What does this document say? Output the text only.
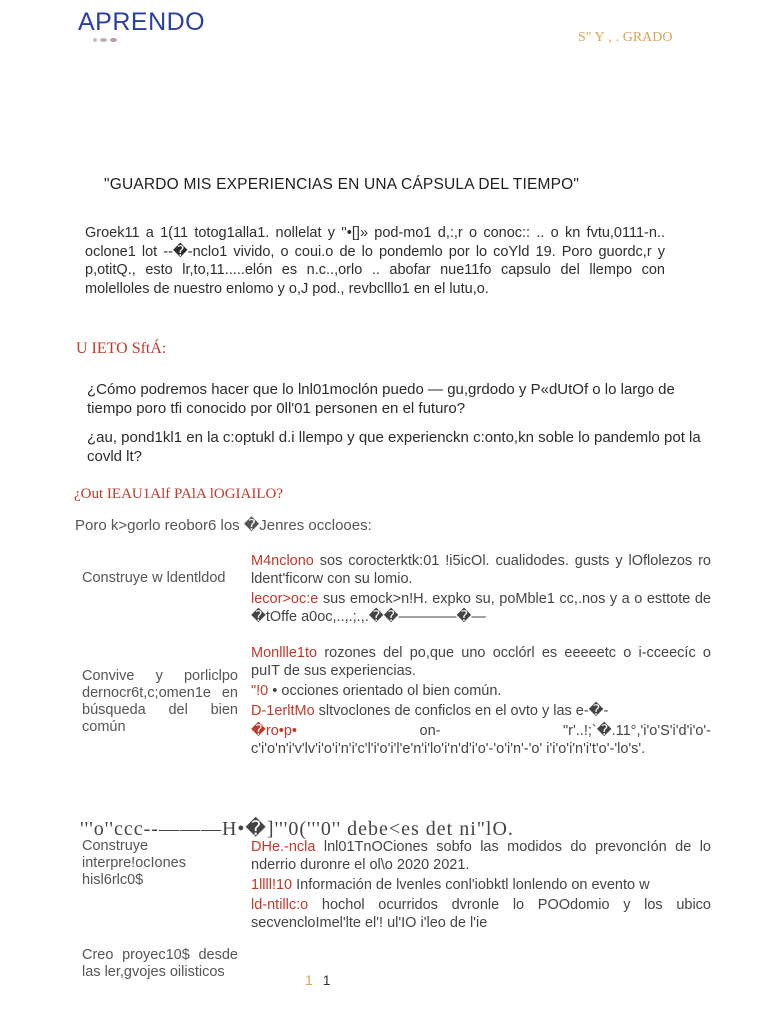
APRENDO
S" Y ‚ . GRADO
"GUARDO MIS EXPERIENCIAS EN UNA CÁPSULA DEL TIEMPO"
Groek11 a 1(11 totog1alla1. nollelat y ''•[]» pod-mo1 d,:,r o conoc:: .. o kn fvtu,0111-n.. oclone1 lot --�-nclo1 vivido, o coui.o de lo pondemlo por lo coYld 19. Poro guordc,r y p,otitQ., esto lr,to,11.....elón es n.c..,orlo .. abofar nue11fo capsulo del llempo con molelloles de nuestro enlomo y o,J pod., revbclllo1 en el lutu,o.
U IETO SftÁ:
¿Cómo podremos hacer que lo lnl01moclón puedo — gu,grdodo y P«dUtOf o lo largo de tiempo poro tfi conocido por 0ll'01 personen en el futuro?
¿au, pond1kl1 en la c:optukl d.i llempo y que experienckn c:onto,kn soble lo pandemlo pot la covld lt?
¿Out IEAU1Alf PAlA lOGIAILO?
Poro k>gorlo reobor6 los �Jenres occlooes:
Construye w ldentldod

M4nclono sos corocterktk:01 !i5icOl. cualidodes. gusts y lOflolezos ro ldent'ficorw con su lomio.

lecor>oc:e sus emock>n!H. expko su, poMble1 cc,.nos y a o esttote de �tOffe a0oc,..,.;.,.��————�—

Convive y porliclpo dernocr6t,c;omen1e en búsqueda del bien común

Monllle1to rozones del po,que uno occlórl es eeeeetc o i-cceecíc o puIT de sus experiencias.

"!0 • occiones orientado ol bien común.

D-1erltMo sltvoclones de conficlos en el ovto y las e-�-

�ro•p• on- "r'..!;`�.11°,'i'o'S'i'd'i'o'- c'i'o'n'i'v'lv'i'o'i'n'i'c'l'i'o'i'l'e'n'i'lo'i'n'd'i'o'-'o'i'n'-'o' i'i'o'i'n'i't'o'-'lo's'.

'''o''ccc--———H•�]'''0('''0'' debe<es det ni"lO.
Construye interpre!ocIones hisl6rlc0$

DHe.-ncla lnl01TnOCiones sobfo las modidos do prevoncIón de lo nderrio duronre el ol\o 2020 2021.

1llll!10 Información de lvenles conl'iobktl lonlendo on evento w

ld-ntillc:o hochol ocurridos dvronle lo POOdomio y los ubico secvencloImel'lte el'! ul'IO i'leo de l'ie

Creo proyec10$ desde las ler,gvojes oilisticos	1 1
